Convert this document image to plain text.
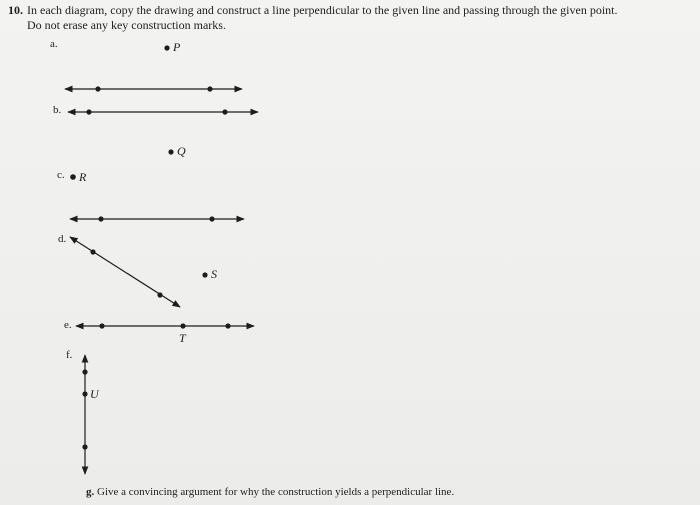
10. In each diagram, copy the drawing and construct a line perpendicular to the given line and passing through the given point.
Do not erase any key construction marks.
a.
b.
c.
d.
e.
f.
P
Q
R
S
T
U
g. Give a convincing argument for why the construction yields a perpendicular line.
